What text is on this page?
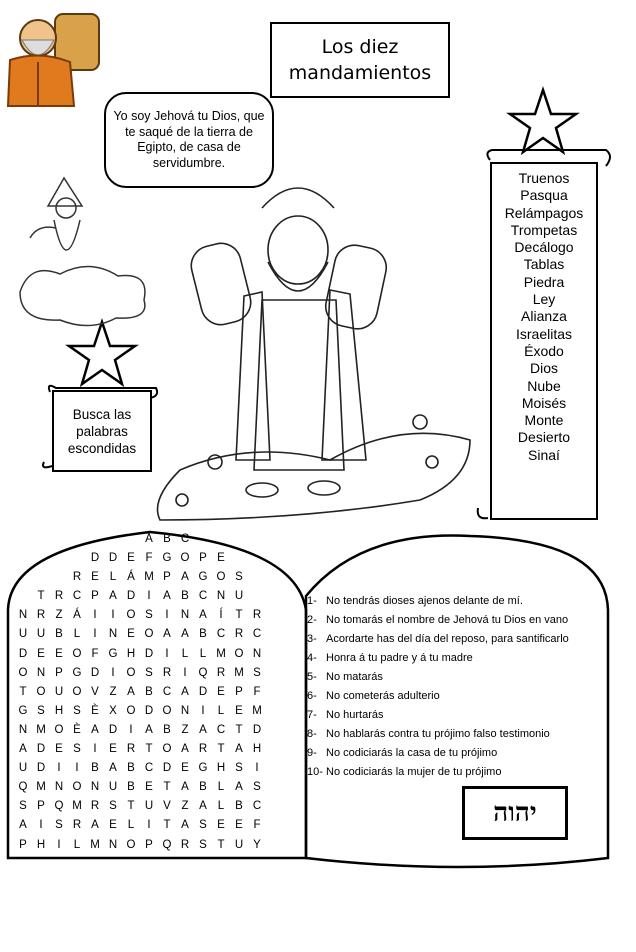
Los diez
mandamientos
Yo soy Jehová tu Dios, que te saqué de la tierra de Egipto, de casa de servidumbre.
Truenos
Pasqua
Relámpagos
Trompetas
Decálogo
Tablas
Piedra
Ley
Alianza
Israelitas
Éxodo
Dios
Nube
Moisés
Monte
Desierto
Sinaí
Busca las
palabras
escondidas

A B C

D D E F G O P E

R E L Á M P A G O S

T R C P A D	I	A B C N U

N R Z Á	I	I	O S	I	N A	Í	T R

U U B L	I	N E O A A B C R C

D E E O F G H D	I	L	L M O N

O N P G D	I	O S R	I	Q R M S

T O U O V Z A B C A D E P F

G S H S È X O D O N	I	L E M

N M O È A D	I	A B Z A C T D

A D E S	I	E R T O A R T A H

U D	I	I	B A B C D E G H S	I

Q M N O N U B E T A B L A S

S P Q M R S T U V Z A L B C

A	I	S R A E L	I	T A S E E F

P H	I	L M N O P Q R S T U Y

1- No tendrás dioses ajenos delante de mí.
2- No tomarás el nombre de Jehová tu Dios en vano
3- Acordarte has del día del reposo, para santificarlo
4- Honra á tu padre y á tu madre
5- No matarás
6- No cometerás adulterio
7- No hurtarás
8- No hablarás contra tu prójimo falso testimonio
9- No codiciarás la casa de tu prójimo
10- No codiciarás la mujer de tu prójimo
יהוה
